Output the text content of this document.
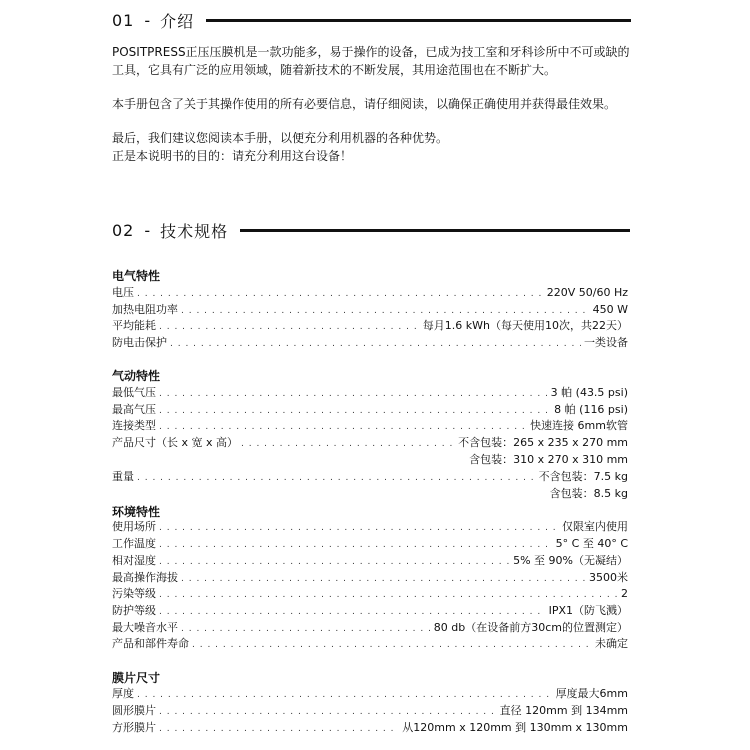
01 - 介绍

POSITPRESS正压压膜机是一款功能多，易于操作的设备，已成为技工室和牙科诊所中不可或缺的

工具，它具有广泛的应用领域，随着新技术的不断发展，其用途范围也在不断扩大。

本手册包含了关于其操作使用的所有必要信息，请仔细阅读，以确保正确使用并获得最佳效果。

最后，我们建议您阅读本手册，以便充分利用机器的各种优势。

正是本说明书的目的：请充分利用这台设备！

02 - 技术规格
电气特性
电压 . . .	220V 50/60 Hz
加热电阻功率 . . .	450 W
平均能耗 . . .	每月1.6 kWh（每天使用10次，共22天）
防电击保护 . . .	一类设备
气动特性
最低气压 . . .	3 帕 (43.5 psi)
最高气压 . . .	8 帕 (116 psi)
连接类型 . . .	快速连接 6mm软管
产品尺寸（长 x 宽 x 高） . . .	不含包装：265 x 235 x 270 mm
含包装：310 x 270 x 310 mm
重量 . . .	不含包装：7.5 kg
含包装：8.5 kg
环境特性
使用场所 . . .	仅限室内使用
工作温度 . . .	5° C 至 40° C
相对湿度 . . .	5% 至 90%（无凝结）
最高操作海拔 . . .	3500米
污染等级 . . .	2
防护等级 . . .	IPX1（防飞溅）
最大噪音水平 . . .	80 db（在设备前方30cm的位置测定）
产品和部件寿命 . . .	未确定
膜片尺寸
厚度 . . .	厚度最大6mm
圆形膜片 . . .	直径 120mm 到 134mm
方形膜片 . . .	从120mm x 120mm 到 130mm x 130mm
